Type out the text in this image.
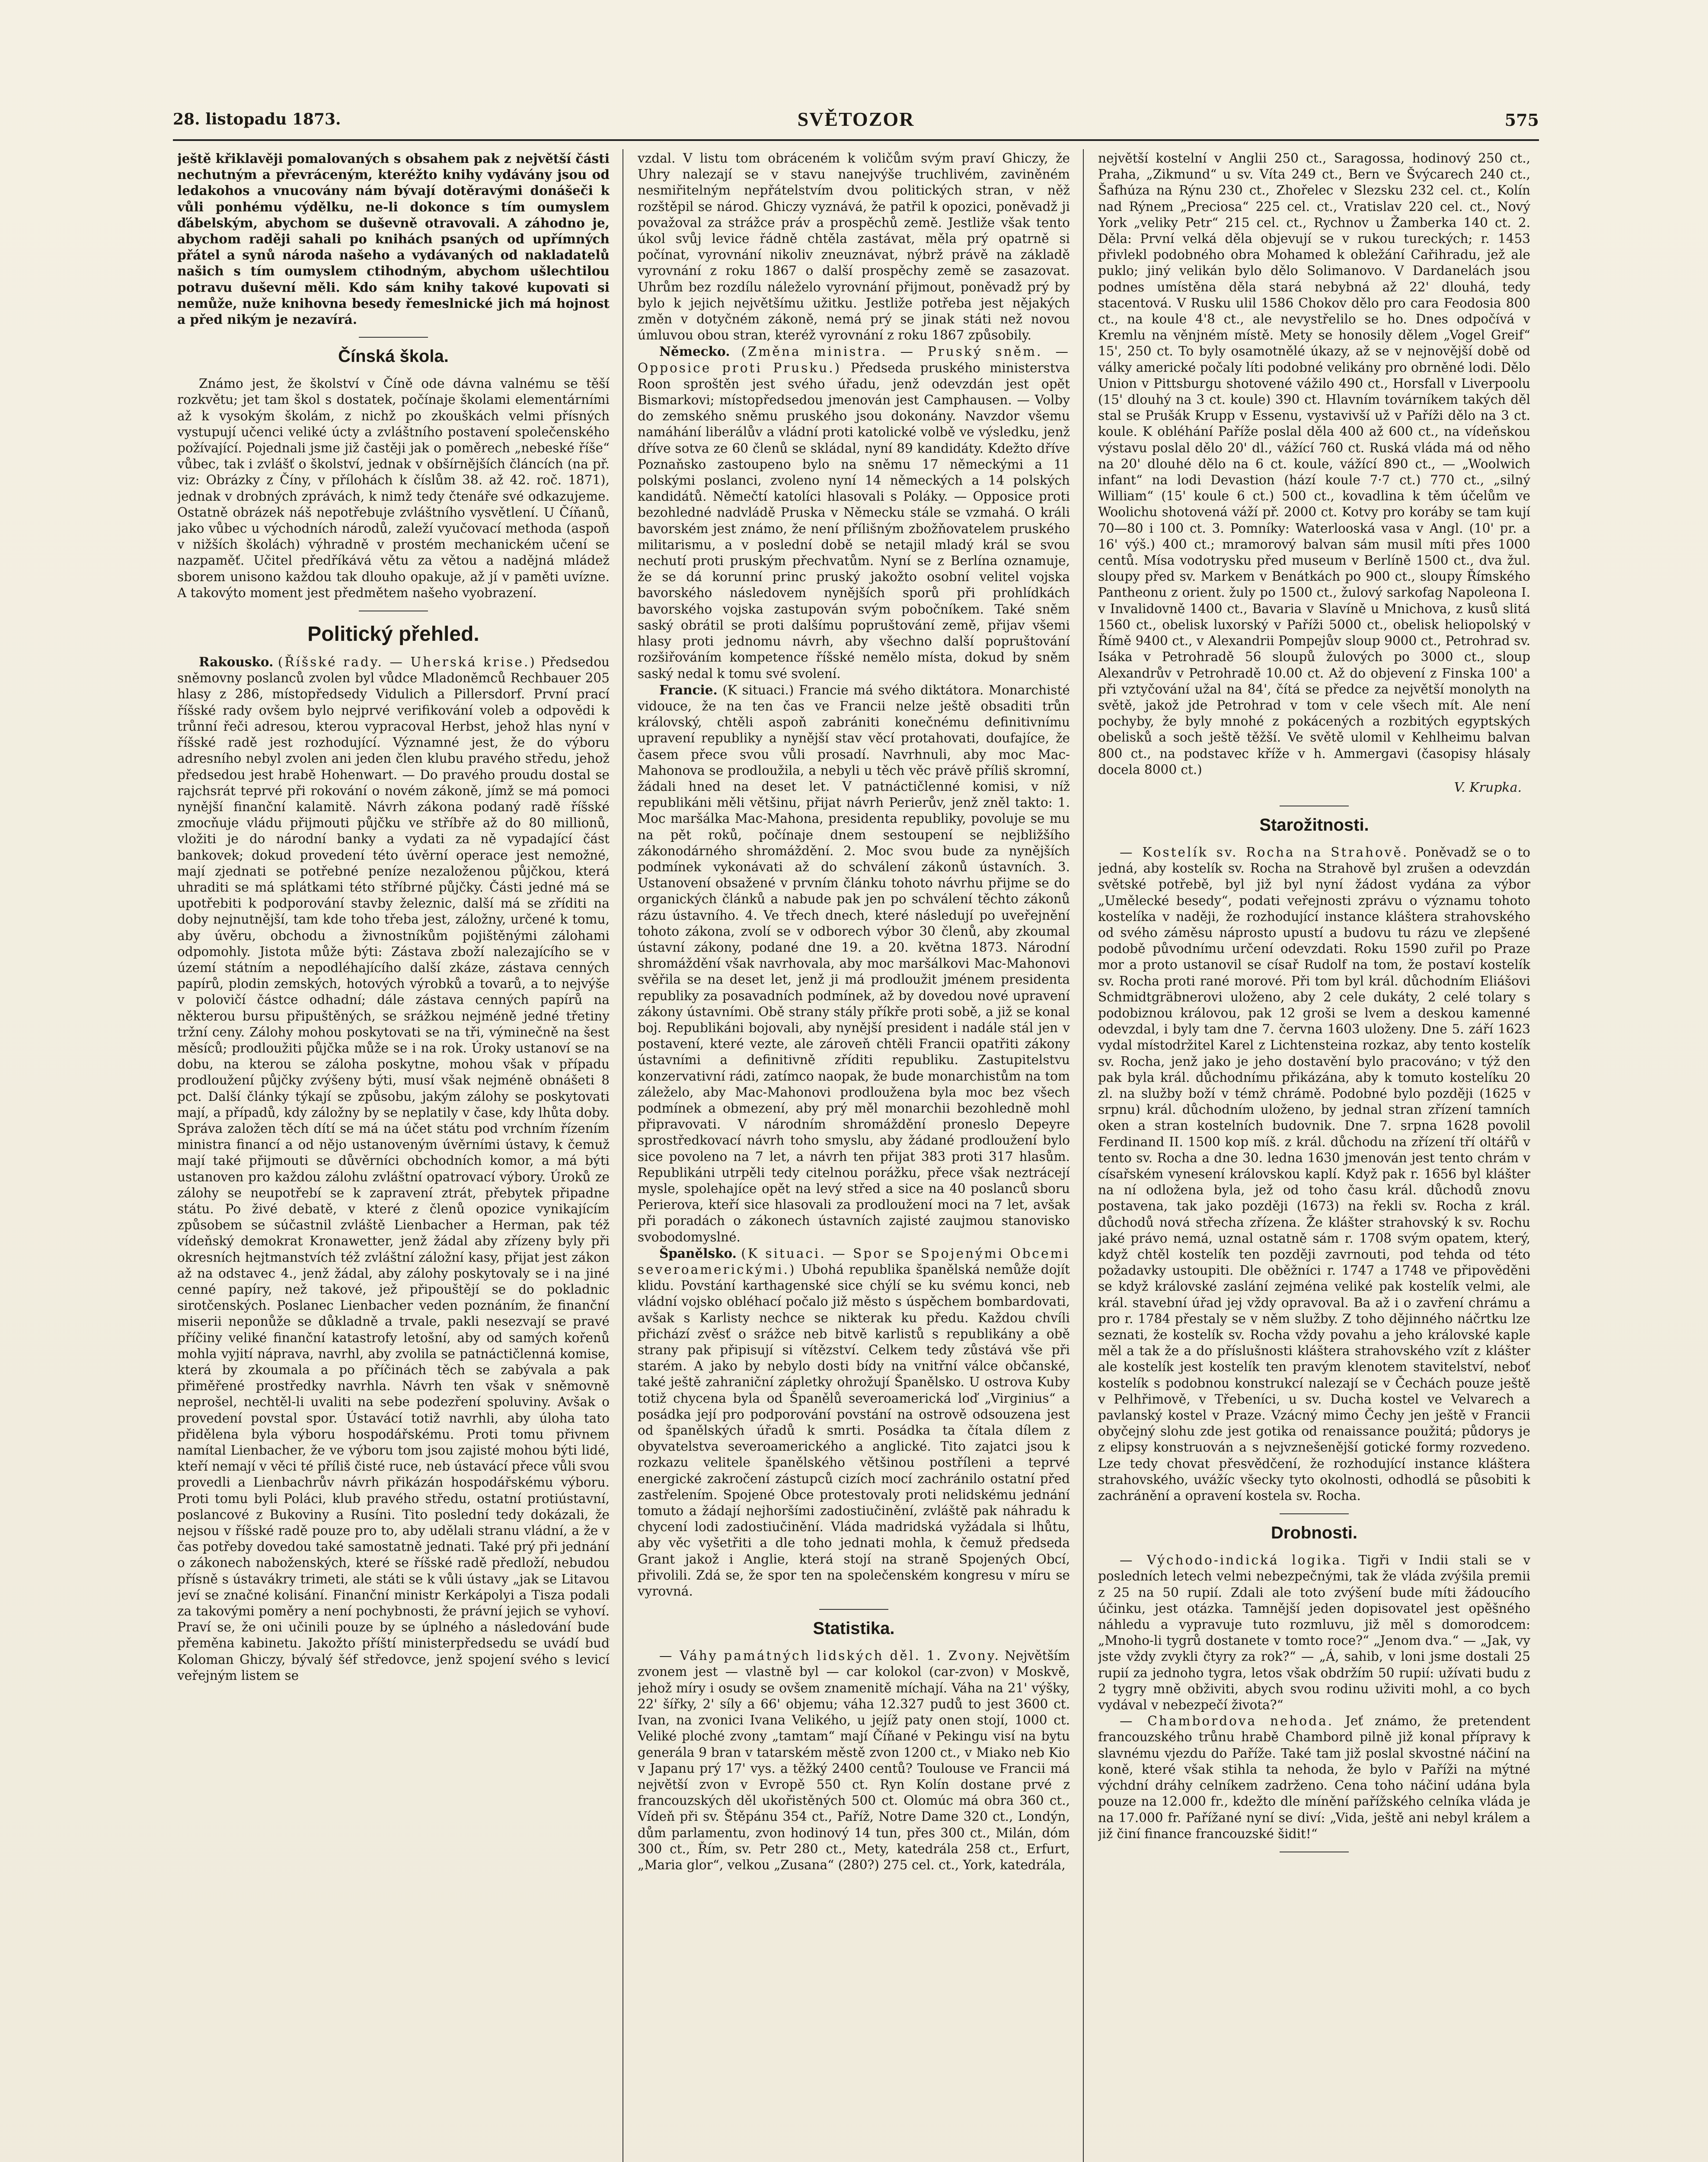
28. listopadu 1873.	SVĚTOZOR	575

ještě křiklavěji pomalovaných s obsahem pak z největší části nechutným a převráceným, kteréžto knihy vydávány jsou od ledakohos a vnucovány nám bývají dotěravými donášeči k vůli ponhému výdělku, ne-li dokonce s tím oumyslem ďábelským, abychom se duševně otravovali. A záhodno je, abychom raději sahali po knihách psaných od upřímných přátel a synů národa našeho a vydávaných od nakladatelů našich s tím oumyslem ctihodným, abychom ušlechtilou potravu duševní měli. Kdo sám knihy takové kupovati si nemůže, nuže knihovna besedy řemeslnické jich má hojnost a před nikým je nezavírá.

Čínská škola.

Známo jest, že školství v Číně ode dávna valnému se těší rozkvětu; jet tam škol s dostatek, počínaje školami elementárními až k vysokým školám, z nichž po zkouškách velmi přísných vystupují učenci veliké úcty a zvláštního postavení společenského požívající. Pojednali jsme již častěji jak o poměrech „nebeské říše“ vůbec, tak i zvlášť o školství, jednak v obšírnějších článcích (na př. viz: Obrázky z Číny, v přílohách k číslům 38. až 42. roč. 1871), jednak v drobných zprávách, k nimž tedy čtenáře své odkazujeme. Ostatně obrázek náš nepotřebuje zvláštního vysvětlení. U Číňanů, jako vůbec u východních národů, zaleží vyučovací methoda (aspoň v nižších školách) výhradně v prostém mechanickém učení se nazpaměť. Učitel předříkává větu za větou a nadějná mládež sborem unisono každou tak dlouho opakuje, až jí v paměti uvízne. A takovýto moment jest předmětem našeho vyobrazení.

Politický přehled.

Rakousko. (Říšské rady. — Uherská krise.) Předsedou sněmovny poslanců zvolen byl vůdce Mladoněmců Rechbauer 205 hlasy z 286, místopředsedy Vidulich a Pillersdorf. První prací říšské rady ovšem bylo nejprvé verifikování voleb a odpovědi k trůnní řeči adresou, kterou vypracoval Herbst, jehož hlas nyní v říšské radě jest rozhodující. Významné jest, že do výboru adresního nebyl zvolen ani jeden člen klubu pravého středu, jehož předsedou jest hrabě Hohenwart. — Do pravého proudu dostal se rajchsrát teprvé při rokování o novém zákoně, jímž se má pomoci nynější finanční kalamitě. Návrh zákona podaný radě říšské zmocňuje vládu přijmouti půjčku ve stříbře až do 80 millionů, vložiti je do národní banky a vydati za ně vypadající část bankovek; dokud provedení této úvěrní operace jest nemožné, mají zjednati se potřebné peníze nezaloženou půjčkou, která uhraditi se má splátkami této stříbrné půjčky. Části jedné má se upotřebiti k podporování stavby železnic, další má se zříditi na doby nejnutnější, tam kde toho třeba jest, záložny, určené k tomu, aby úvěru, obchodu a živnostníkům pojištěnými zálohami odpomohly. Jistota může býti: Zástava zboží nalezajícího se v území státním a nepodléhajícího další zkáze, zástava cenných papírů, plodin zemských, hotových výrobků a tovarů, a to nejvýše v polovičí částce odhadní; dále zástava cenných papírů na některou bursu připuštěných, se srážkou nejméně jedné třetiny tržní ceny. Zálohy mohou poskytovati se na tři, výminečně na šest měsíců; prodloužiti půjčka může se i na rok. Úroky ustanoví se na dobu, na kterou se záloha poskytne, mohou však v případu prodloužení půjčky zvýšeny býti, musí však nejméně obnášeti 8 pct. Další články týkají se způsobu, jakým zálohy se poskytovati mají, a případů, kdy záložny by se neplatily v čase, kdy lhůta doby. Správa založen těch dítí se má na účet státu pod vrchním řízením ministra financí a od nějo ustanoveným úvěrními ústavy, k čemuž mají také přijmouti se důvěrníci obchodních komor, a má býti ustanoven pro každou zálohu zvláštní opatrovací výbory. Úroků ze zálohy se neupotřebí se k zapravení ztrát, přebytek připadne státu. Po živé debatě, v které z členů opozice vynikajícím způsobem se súčastnil zvláště Lienbacher a Herman, pak též vídeňský demokrat Kronawetter, jenž žádal aby zřízeny byly při okresních hejtmanstvích též zvláštní záložní kasy, přijat jest zákon až na odstavec 4., jenž žádal, aby zálohy poskytovaly se i na jiné cenné papíry, než takové, jež připouštějí se do pokladnic sirotčenských. Poslanec Lienbacher veden poznáním, že finanční miserii neponůže se důkladně a trvale, pakli nesezvají se pravé příčiny veliké finanční katastrofy letošní, aby od samých kořenů mohla vyjití náprava, navrhl, aby zvolila se patnáctičlenná komise, která by zkoumala a po příčinách těch se zabývala a pak přiměřené prostředky navrhla. Návrh ten však v sněmovně neprošel, nechtěl-li uvaliti na sebe podezření spoluviny. Avšak o provedení povstal spor. Ústavácí totiž navrhli, aby úloha tato přidělena byla výboru hospodářskému. Proti tomu přivnem namítal Lienbacher, že ve výboru tom jsou zajisté mohou býti lidé, kteří nemají v věci té příliš čisté ruce, neb ústavácí přece vůli svou provedli a Lienbachrův návrh přikázán hospodářskému výboru. Proti tomu byli Poláci, klub pravého středu, ostatní protiústavní, poslancové z Bukoviny a Rusíni. Tito poslední tedy dokázali, že nejsou v říšské radě pouze pro to, aby udělali stranu vládní, a že v čas potřeby dovedou také samostatně jednati. Také prý při jednání o zákonech naboženských, které se říšské radě předloží, nebudou přísně s ústavákry trimeti, ale státi se k vůli ústavy „jak se Litavou jeví se značné kolisání. Finanční ministr Kerkápolyi a Tisza podali za takovými poměry a není pochybnosti, že právní jejich se vyhoví. Praví se, že oni učinili pouze by se úplného a následování bude přeměna kabinetu. Jakožto příští ministerpředsedu se uvádí buď Koloman Ghiczy, bývalý šéf středovce, jenž spojení svého s levicí veřejným listem se

vzdal. V listu tom obráceném k voličům svým praví Ghiczy, že Uhry nalezají se v stavu nanejvýše truchlivém, zaviněném nesmiřitelným nepřátelstvím dvou politických stran, v něž rozštěpil se národ. Ghiczy vyznává, že patřil k opozici, poněvadž ji považoval za strážce práv a prospěchů země. Jestliže však tento úkol svůj levice řádně chtěla zastávat, měla prý opatrně si počínat, vyrovnání nikoliv zneuznávat, nýbrž právě na základě vyrovnání z roku 1867 o další prospěchy země se zasazovat. Uhrům bez rozdílu náleželo vyrovnání přijmout, poněvadž prý by bylo k jejich největšímu užitku. Jestliže potřeba jest nějakých změn v dotyčném zákoně, nemá prý se jinak státi než novou úmluvou obou stran, kteréž vyrovnání z roku 1867 způsobily.

Německo. (Změna ministra. — Pruský sněm. — Opposice proti Prusku.) Předseda pruského ministerstva Roon sproštěn jest svého úřadu, jenž odevzdán jest opět Bismarkovi; místopředsedou jmenován jest Camphausen. — Volby do zemského sněmu pruského jsou dokonány. Navzdor všemu namáhání liberálův a vládní proti katolické volbě ve výsledku, jenž dříve sotva ze 60 členů se skládal, nyní 89 kandidáty. Kdežto dříve Poznaňsko zastoupeno bylo na sněmu 17 německými a 11 polskými poslanci, zvoleno nyní 14 německých a 14 polských kandidátů. Němečtí katolíci hlasovali s Poláky. — Opposice proti bezohledné nadvládě Pruska v Německu stále se vzmahá. O králi bavorském jest známo, že není přílišným zbožňovatelem pruského militarismu, a v poslední době se netajil mladý král se svou nechutí proti pruským přechvatům. Nyní se z Berlína oznamuje, že se dá korunní princ pruský jakožto osobní velitel vojska bavorského následovem nynějších sporů při prohlídkách bavorského vojska zastupován svým pobočníkem. Také sněm saský obrátil se proti dalšímu popruštování země, přijav všemi hlasy proti jednomu návrh, aby všechno další popruštování rozšiřováním kompetence říšské nemělo místa, dokud by sněm saský nedal k tomu své svolení.

Francie. (K situaci.) Francie má svého diktátora. Monarchisté vidouce, že na ten čas ve Francii nelze ještě obsaditi trůn královský, chtěli aspoň zabrániti konečnému definitivnímu upravení republiky a nynější stav věcí protahovati, doufajíce, že časem přece svou vůli prosadí. Navrhnuli, aby moc Mac-Mahonova se prodloužila, a nebyli u těch věc právě příliš skromní, žádali hned na deset let. V patnáctičlenné komisi, v níž republikáni měli většinu, přijat návrh Perierův, jenž zněl takto: 1. Moc maršálka Mac-Mahona, presidenta republiky, povoluje se mu na pět roků, počínaje dnem sestoupení se nejbližšího zákonodárného shromáždění. 2. Moc svou bude za nynějších podmínek vykonávati až do schválení zákonů ústavních. 3. Ustanovení obsažené v prvním článku tohoto návrhu přijme se do organických článků a nabude pak jen po schválení těchto zákonů rázu ústavního. 4. Ve třech dnech, které následují po uveřejnění tohoto zákona, zvolí se v odborech výbor 30 členů, aby zkoumal ústavní zákony, podané dne 19. a 20. května 1873. Národní shromáždění však navrhovala, aby moc maršálkovi Mac-Mahonovi svěřila se na deset let, jenž ji má prodloužit jménem presidenta republiky za posavadních podmínek, až by dovedou nové upravení zákony ústavními. Obě strany stály příkře proti sobě, a již se konal boj. Republikáni bojovali, aby nynější president i nadále stál jen v postavení, které vezte, ale zároveň chtěli Francii opatřiti zákony ústavními a definitivně zříditi republiku. Zastupitelstvu konzervativní rádi, zatímco naopak, že bude monarchistům na tom záleželo, aby Mac-Mahonovi prodloužena byla moc bez všech podmínek a obmezení, aby prý měl monarchii bezohledně mohl připravovati. V národním shromáždění proneslo Depeyre sprostředkovací návrh toho smyslu, aby žádané prodloužení bylo sice povoleno na 7 let, a návrh ten přijat 383 proti 317 hlasům. Republikáni utrpěli tedy citelnou porážku, přece však neztrácejí mysle, spolehajíce opět na levý střed a sice na 40 poslanců sboru Perierova, kteří sice hlasovali za prodloužení moci na 7 let, avšak při poradách o zákonech ústavních zajisté zaujmou stanovisko svobodomyslné.

Španělsko. (K situaci. — Spor se Spojenými Obcemi severoamerickými.) Ubohá republika španělská nemůže dojít klidu. Povstání karthagenské sice chýlí se ku svému konci, neb vládní vojsko obléhací počalo již město s úspěchem bombardovati, avšak s Karlisty nechce se nikterak ku předu. Každou chvíli přichází zvěsť o srážce neb bitvě karlistů s republikány a obě strany pak připisují si vítězství. Celkem tedy zůstává vše při starém. A jako by nebylo dosti bídy na vnitřní válce občanské, také ještě zahraniční zápletky ohrožují Španělsko. U ostrova Kuby totiž chycena byla od Španělů severoamerická loď „Virginius“ a posádka její pro podporování povstání na ostrově odsouzena jest od španělských úřadů k smrti. Posádka ta čítala dílem z obyvatelstva severoamerického a anglické. Tito zajatci jsou k rozkazu velitele španělského většinou postříleni a teprvé energické zakročení zástupců cizích mocí zachránilo ostatní před zastřelením. Spojené Obce protestovaly proti nelidskému jednání tomuto a žádají nejhoršími zadostiučinění, zvláště pak náhradu k chycení lodi zadostiučinění. Vláda madridská vyžádala si lhůtu, aby věc vyšetřiti a dle toho jednati mohla, k čemuž předseda Grant jakož i Anglie, která stojí na straně Spojených Obcí, přivolili. Zdá se, že spor ten na společenském kongresu v míru se vyrovná.

Statistika.

— Váhy památných lidských děl. 1. Zvony. Největším zvonem jest — vlastně byl — car kolokol (car-zvon) v Moskvě, jehož míry i osudy se ovšem znamenitě míchají. Váha na 21' výšky, 22' šířky, 2' síly a 66' objemu; váha 12.327 pudů to jest 3600 ct. Ivan, na zvonici Ivana Velikého, u jejíž paty onen stojí, 1000 ct. Veliké ploché zvony „tamtam“ mají Číňané v Pekingu visí na bytu generála 9 bran v tatarském městě zvon 1200 ct., v Miako neb Kio v Japanu prý 17' vys. a těžký 2400 centů? Toulouse ve Francii má největší zvon v Evropě 550 ct. Ryn Kolín dostane prvé z francouzských děl ukořistěných 500 ct. Olomúc má obra 360 ct., Vídeň při sv. Štěpánu 354 ct., Paříž, Notre Dame 320 ct., Londýn, dům parlamentu, zvon hodinový 14 tun, přes 300 ct., Milán, dóm 300 ct., Řím, sv. Petr 280 ct., Mety, katedrála 258 ct., Erfurt, „Maria glor“, velkou „Zusana“ (280?) 275 cel. ct., York, katedrála,

největší kostelní v Anglii 250 ct., Saragossa, hodinový 250 ct., Praha, „Zikmund“ u sv. Víta 249 ct., Bern ve Švýcarech 240 ct., Šafhúza na Rýnu 230 ct., Zhořelec v Slezsku 232 cel. ct., Kolín nad Rýnem „Preciosa“ 225 cel. ct., Vratislav 220 cel. ct., Nový York „veliky Petr“ 215 cel. ct., Rychnov u Žamberka 140 ct. 2. Děla: První velká děla objevují se v rukou tureckých; r. 1453 přivlekl podobného obra Mohamed k obležání Cařihradu, jež ale puklo; jiný velikán bylo dělo Solimanovo. V Dardanelách jsou podnes umístěna děla stará nebybná až 22' dlouhá, tedy stacentová. V Rusku ulil 1586 Chokov dělo pro cara Feodosia 800 ct., na koule 4'8 ct., ale nevystřelilo se ho. Dnes odpočívá v Kremlu na věnjném místě. Mety se honosily dělem „Vogel Greif“ 15', 250 ct. To byly osamotnělé úkazy, až se v nejnovější době od války americké počaly líti podobné velikány pro obrněné lodi. Dělo Union v Pittsburgu shotovené vážilo 490 ct., Horsfall v Liverpoolu (15' dlouhý na 3 ct. koule) 390 ct. Hlavním továrníkem takých děl stal se Prušák Krupp v Essenu, vystavivší už v Paříži dělo na 3 ct. koule. K obléhání Paříže poslal děla 400 až 600 ct., na vídeňskou výstavu poslal dělo 20' dl., vážící 760 ct. Ruská vláda má od něho na 20' dlouhé dělo na 6 ct. koule, vážící 890 ct., — „Woolwich infant“ na lodi Devastion (hází koule 7·7 ct.) 770 ct., „silný William“ (15' koule 6 ct.) 500 ct., kovadlina k těm účelům ve Woolichu shotovená váží př. 2000 ct. Kotvy pro koráby se tam kují 70—80 i 100 ct. 3. Pomníky: Waterlooská vasa v Angl. (10' pr. a 16' výš.) 400 ct.; mramorový balvan sám musil míti přes 1000 centů. Mísa vodotrysku před museum v Berlíně 1500 ct., dva žul. sloupy před sv. Markem v Benátkách po 900 ct., sloupy Římského Pantheonu z orient. žuly po 1500 ct., žulový sarkofag Napoleona I. v Invalidovně 1400 ct., Bavaria v Slavíně u Mnichova, z kusů slitá 1560 ct., obelisk luxorský v Paříži 5000 ct., obelisk heliopolský v Římě 9400 ct., v Alexandrii Pompejův sloup 9000 ct., Petrohrad sv. Isáka v Petrohradě 56 sloupů žulových po 3000 ct., sloup Alexandrův v Petrohradě 10.00 ct. Až do objevení z Finska 100' a při vztyčování užal na 84', čítá se předce za největší monolyth na světě, jakož jde Petrohrad v tom v cele všech mít. Ale není pochyby, že byly mnohé z pokácených a rozbitých egyptských obelisků a soch ještě těžší. Ve světě ulomil v Kehlheimu balvan 800 ct., na podstavec kříže v h. Ammergavi (časopisy hlásaly docela 8000 ct.)

V. Krupka.

Starožitnosti.

— Kostelík sv. Rocha na Strahově. Poněvadž se o to jedná, aby kostelík sv. Rocha na Strahově byl zrušen a odevzdán světské potřebě, byl již byl nyní žádost vydána za výbor „Umělecké besedy“, podati veřejnosti zprávu o významu tohoto kostelíka v naději, že rozhodující instance kláštera strahovského od svého záměsu náprosto upustí a budovu tu rázu ve zlepšené podobě původnímu určení odevzdati. Roku 1590 zuřil po Praze mor a proto ustanovil se císař Rudolf na tom, že postaví kostelík sv. Rocha proti rané morové. Při tom byl král. důchodním Eliášovi Schmidtgräbnerovi uloženo, aby 2 cele dukáty, 2 celé tolary s podobiznou královou, pak 12 groši se lvem a deskou kamenné odevzdal, i byly tam dne 7. června 1603 uloženy. Dne 5. září 1623 vydal místodržitel Karel z Lichtensteina rozkaz, aby tento kostelík sv. Rocha, jenž jako je jeho dostavění bylo pracováno; v týž den pak byla král. důchodnímu přikázána, aby k tomuto kostelíku 20 zl. na služby boží v témž chrámě. Podobné bylo později (1625 v srpnu) král. důchodním uloženo, by jednal stran zřízení tamních oken a stran kostelních budovnik. Dne 7. srpna 1628 povolil Ferdinand II. 1500 kop míš. z král. důchodu na zřízení tří oltářů v tento sv. Rocha a dne 30. ledna 1630 jmenován jest tento chrám v císařském vynesení královskou kaplí. Když pak r. 1656 byl klášter na ní odložena byla, jež od toho času král. důchodů znovu postavena, tak jako později (1673) na řekli sv. Rocha z král. důchodů nová střecha zřízena. Že klášter strahovský k sv. Rochu jaké právo nemá, uznal ostatně sám r. 1708 svým opatem, který, když chtěl kostelík ten později zavrnouti, pod tehda od této požadavky ustoupiti. Dle oběžníci r. 1747 a 1748 ve připověděni se když královské zaslání zejména veliké pak kostelík velmi, ale král. stavební úřad jej vždy opravoval. Ba až i o zavření chrámu a pro r. 1784 přestaly se v něm služby. Z toho dějinného náčrtku lze seznati, že kostelík sv. Rocha vždy povahu a jeho královské kaple měl a tak že a do příslušnosti kláštera strahovského vzít z klášter ale kostelík jest kostelík ten pravým klenotem stavitelství, neboť kostelík s podobnou konstrukcí nalezají se v Čechách pouze ještě v Pelhřimově, v Třebeníci, u sv. Ducha kostel ve Velvarech a pavlanský kostel v Praze. Vzácný mimo Čechy jen ještě v Francii obyčejný slohu zde jest gotika od renaissance použitá; půdorys je z elipsy konstruován a s nejvznešenější gotické formy rozvedeno. Lze tedy chovat přesvědčení, že rozhodující instance kláštera strahovského, uvážíc všecky tyto okolnosti, odhodlá se působiti k zachránění a opravení kostela sv. Rocha.

Drobnosti.

— Východo-indická logika. Tigři v Indii stali se v posledních letech velmi nebezpečnými, tak že vláda zvýšila premii z 25 na 50 rupií. Zdali ale toto zvýšení bude míti žádoucího účinku, jest otázka. Tamnější jeden dopisovatel jest opěšného náhledu a vypravuje tuto rozmluvu, již měl s domorodcem: „Mnoho-li tygrů dostanete v tomto roce?“ „Jenom dva.“ — „Jak, vy jste vždy zvykli čtyry za rok?“ — „Á, sahib, v loni jsme dostali 25 rupií za jednoho tygra, letos však obdržím 50 rupií: užívati budu z 2 tygry mně obživiti, abych svou rodinu uživiti mohl, a co bych vydával v nebezpečí života?“

— Chambordova nehoda. Jeť známo, že pretendent francouzského trůnu hrabě Chambord pilně již konal přípravy k slavnému vjezdu do Paříže. Také tam již poslal skvostné náčiní na koně, které však stihla ta nehoda, že bylo v Paříži na mýtné výchdní dráhy celníkem zadrženo. Cena toho náčiní udána byla pouze na 12.000 fr., kdežto dle mínění pařížského celníka vláda je na 17.000 fr. Pařížané nyní se diví: „Vida, ještě ani nebyl králem a již činí finance francouzské šidit!“
